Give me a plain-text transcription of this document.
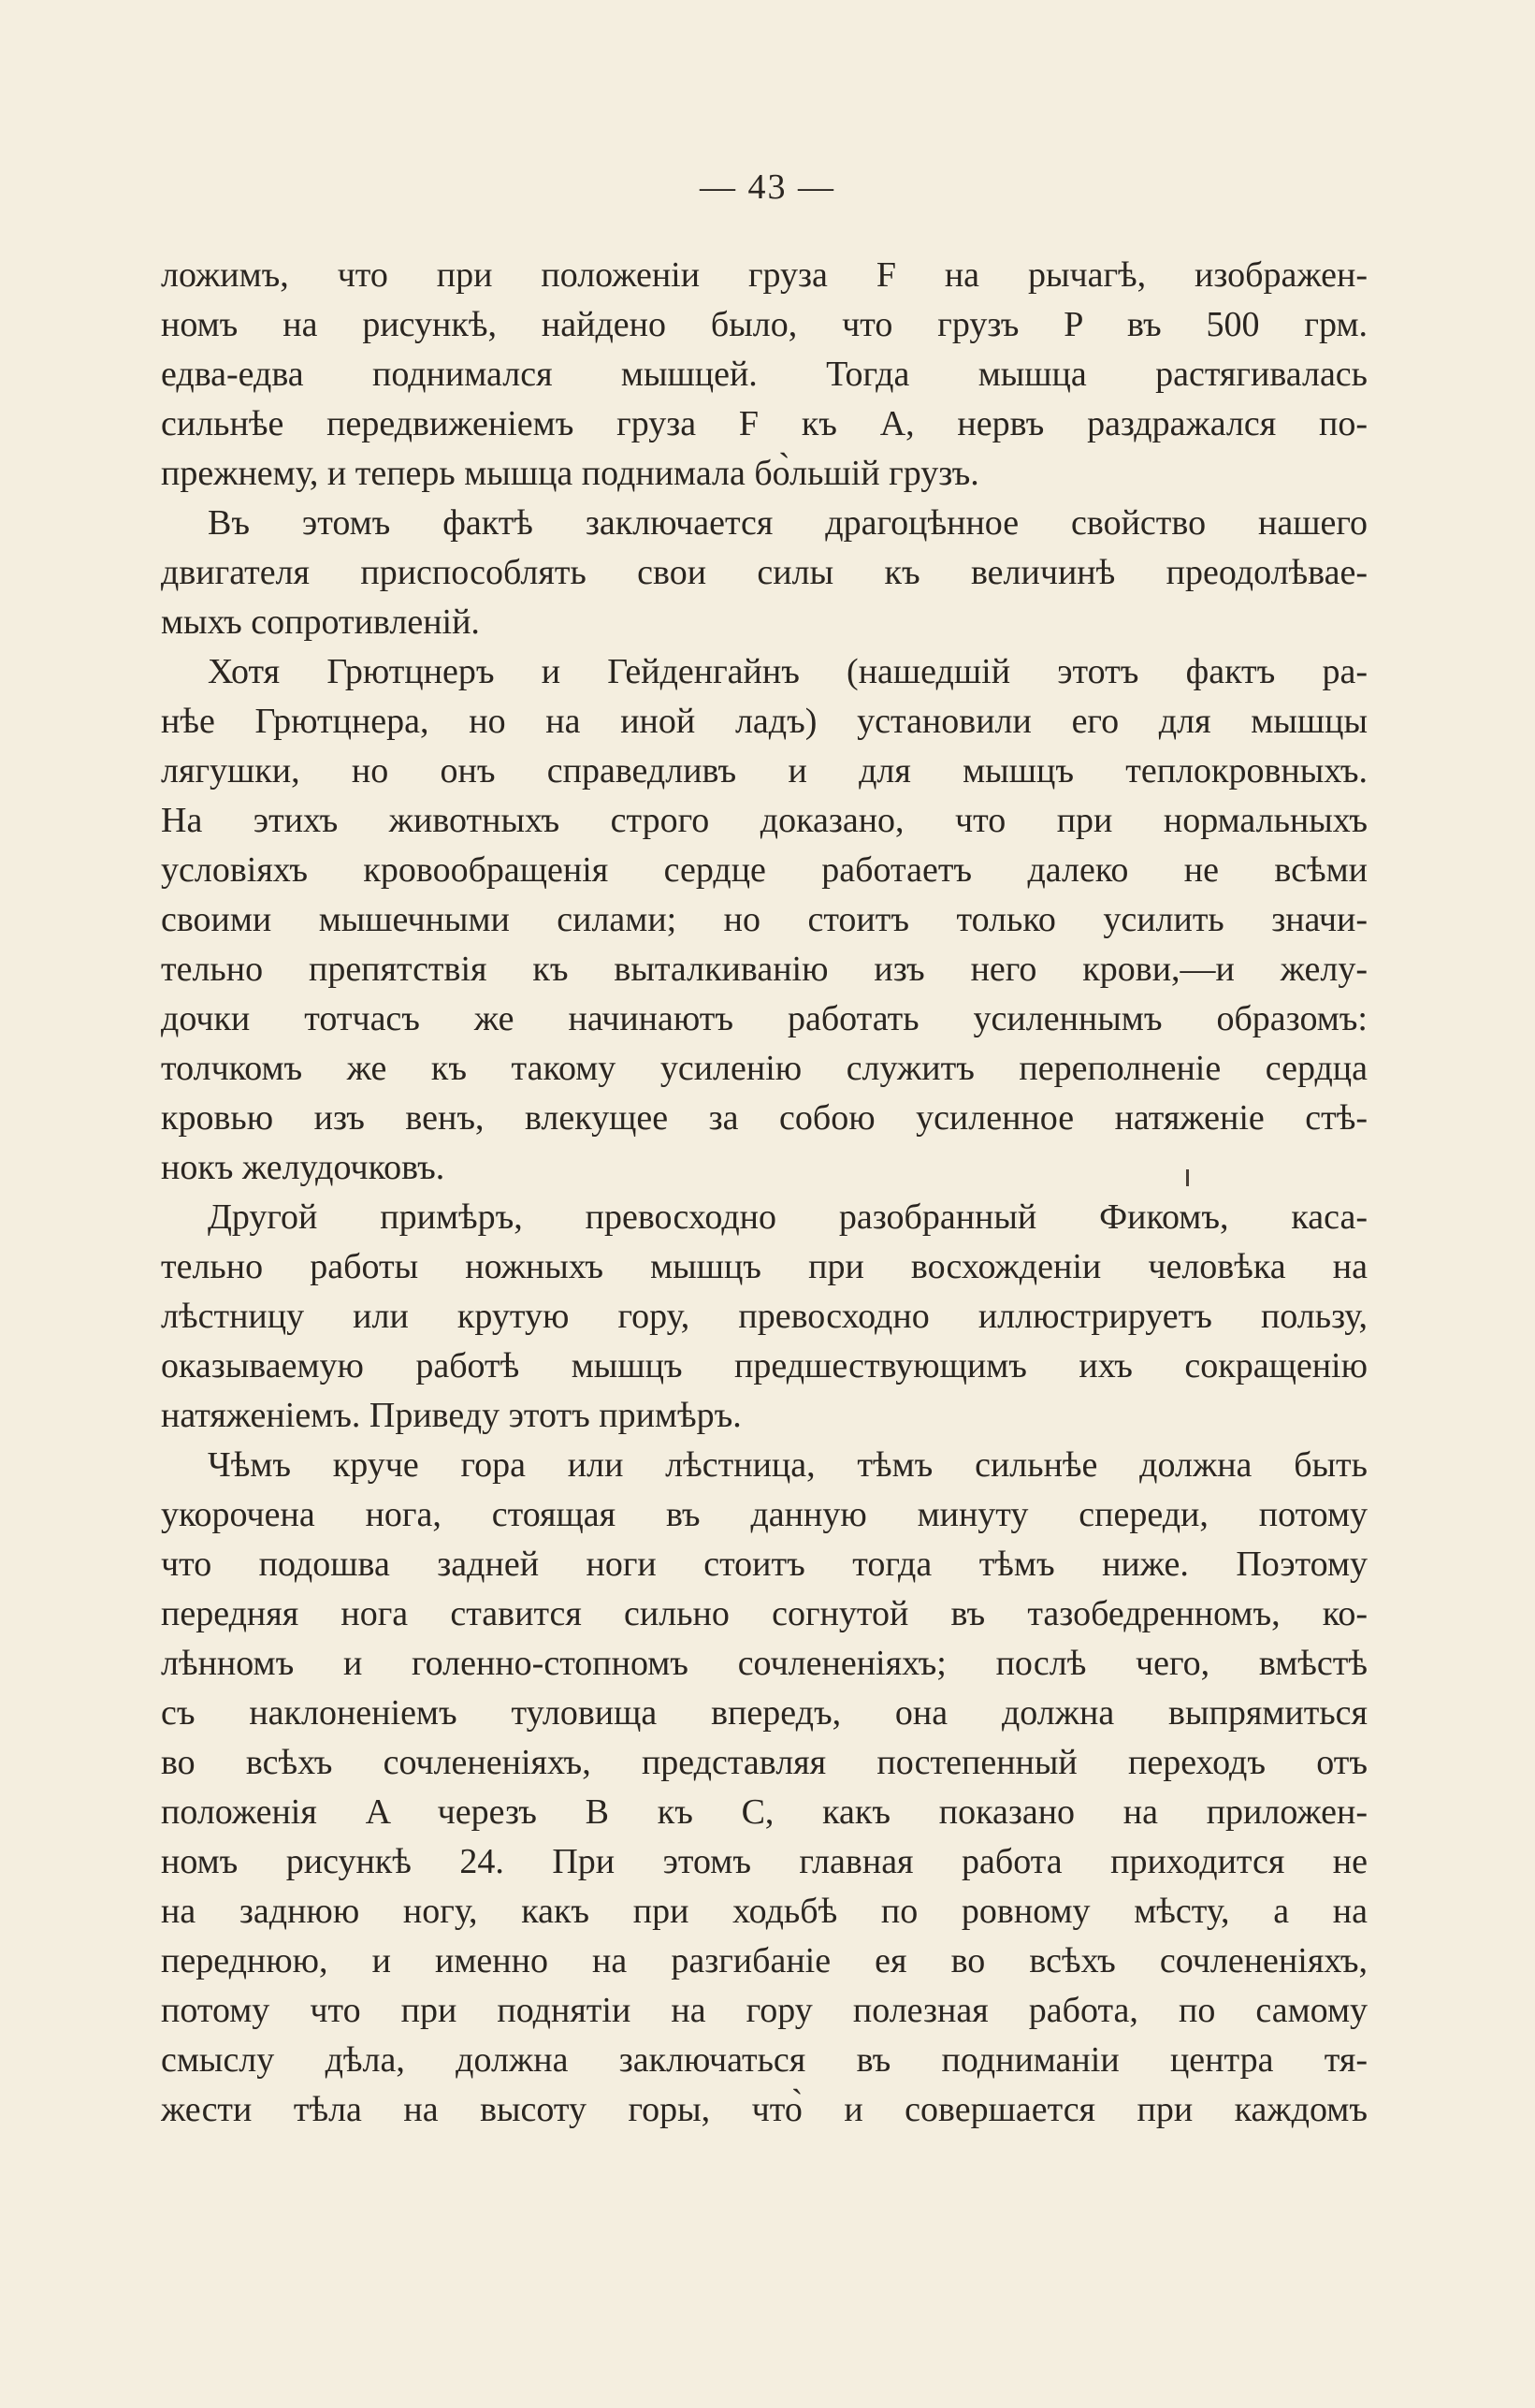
— 43 —
ложимъ, что при положеніи груза F на рычагѣ, изображен-
номъ на рисункѣ, найдено было, что грузъ P въ 500 грм.
едва-едва поднимался мышцей. Тогда мышца растягивалась
сильнѣе передвиженіемъ груза F къ A, нервъ раздражался по-
прежнему, и теперь мышца поднимала бо̀льшій грузъ.
Въ этомъ фактѣ заключается драгоцѣнное свойство нашего
двигателя приспособлять свои силы къ величинѣ преодолѣвае-
мыхъ сопротивленій.
Хотя Грютцнеръ и Гейденгайнъ (нашедшій этотъ фактъ ра-
нѣе Грютцнера, но на иной ладъ) установили его для мышцы
лягушки, но онъ справедливъ и для мышцъ теплокровныхъ.
На этихъ животныхъ строго доказано, что при нормальныхъ
условіяхъ кровообращенія сердце работаетъ далеко не всѣми
своими мышечными силами; но стоитъ только усилить значи-
тельно препятствія къ выталкиванію изъ него крови,—и желу-
дочки тотчасъ же начинаютъ работать усиленнымъ образомъ:
толчкомъ же къ такому усиленію служитъ переполненіе сердца
кровью изъ венъ, влекущее за собою усиленное натяженіе стѣ-
нокъ желудочковъ.
Другой примѣръ, превосходно разобранный Фикомъ, каса-
тельно работы ножныхъ мышцъ при восхожденіи человѣка на
лѣстницу или крутую гору, превосходно иллюстрируетъ пользу,
оказываемую работѣ мышцъ предшествующимъ ихъ сокращенію
натяженіемъ. Приведу этотъ примѣръ.
Чѣмъ круче гора или лѣстница, тѣмъ сильнѣе должна быть
укорочена нога, стоящая въ данную минуту спереди, потому
что подошва задней ноги стоитъ тогда тѣмъ ниже. Поэтому
передняя нога ставится сильно согнутой въ тазобедренномъ, ко-
лѣнномъ и голенно-стопномъ сочлененіяхъ; послѣ чего, вмѣстѣ
съ наклоненіемъ туловища впередъ, она должна выпрямиться
во всѣхъ сочлененіяхъ, представляя постепенный переходъ отъ
положенія A черезъ B къ C, какъ показано на приложен-
номъ рисункѣ 24. При этомъ главная работа приходится не
на заднюю ногу, какъ при ходьбѣ по ровному мѣсту, а на
переднюю, и именно на разгибаніе ея во всѣхъ сочлененіяхъ,
потому что при поднятіи на гору полезная работа, по самому
смыслу дѣла, должна заключаться въ подниманіи центра тя-
жести тѣла на высоту горы, что̀ и совершается при каждомъ
